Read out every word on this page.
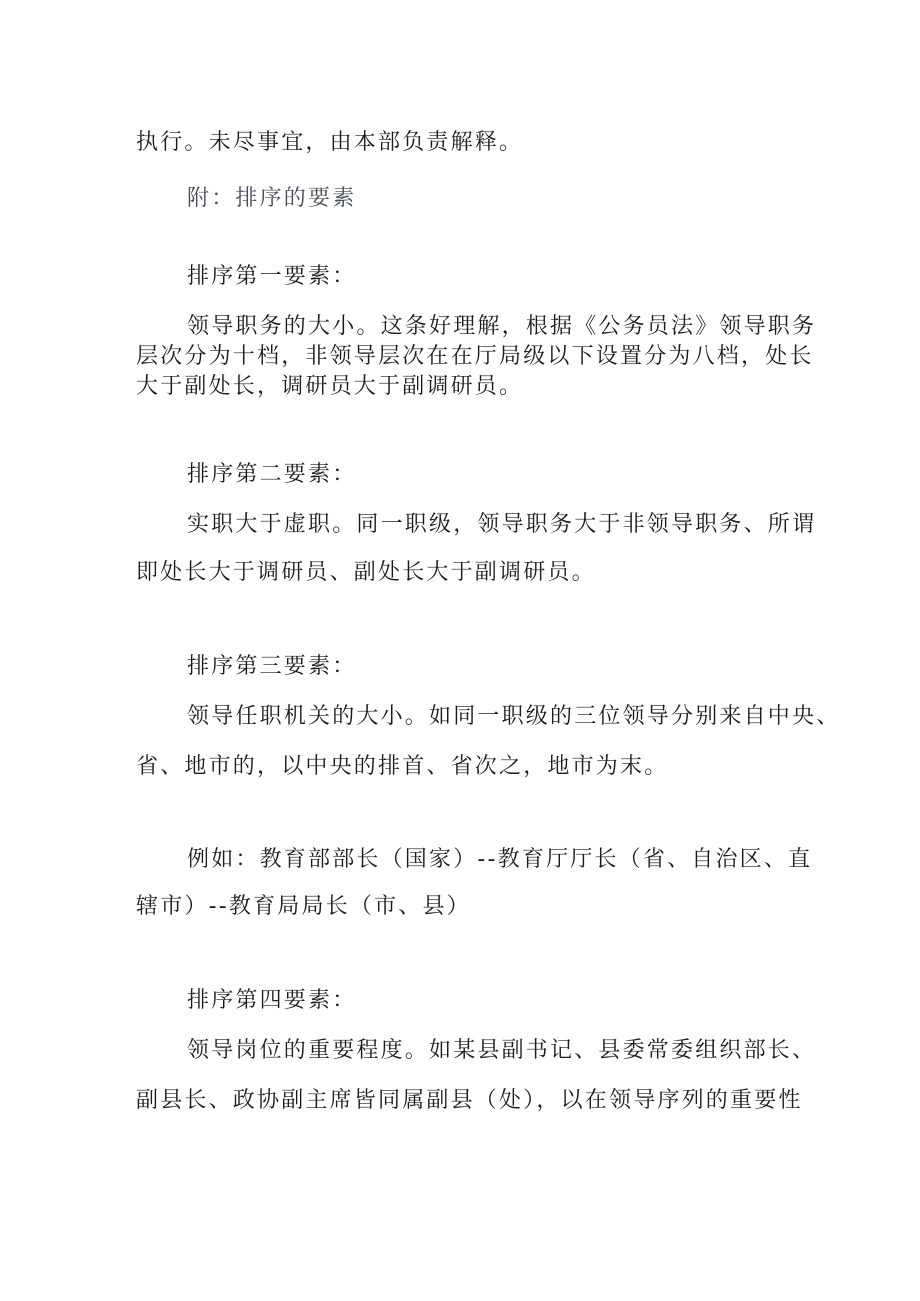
执行。未尽事宜，由本部负责解释。
附：排序的要素
排序第一要素：
领导职务的大小。这条好理解，根据《公务员法》领导职务
层次分为十档，非领导层次在在厅局级以下设置分为八档，处长
大于副处长，调研员大于副调研员。
排序第二要素：
实职大于虚职。同一职级，领导职务大于非领导职务、所谓
即处长大于调研员、副处长大于副调研员。
排序第三要素：
领导任职机关的大小。如同一职级的三位领导分别来自中央、
省、地市的，以中央的排首、省次之，地市为末。
例如：教育部部长（国家）--教育厅厅长（省、自治区、直
辖市）--教育局局长（市、县）
排序第四要素：
领导岗位的重要程度。如某县副书记、县委常委组织部长、
副县长、政协副主席皆同属副县（处），以在领导序列的重要性
